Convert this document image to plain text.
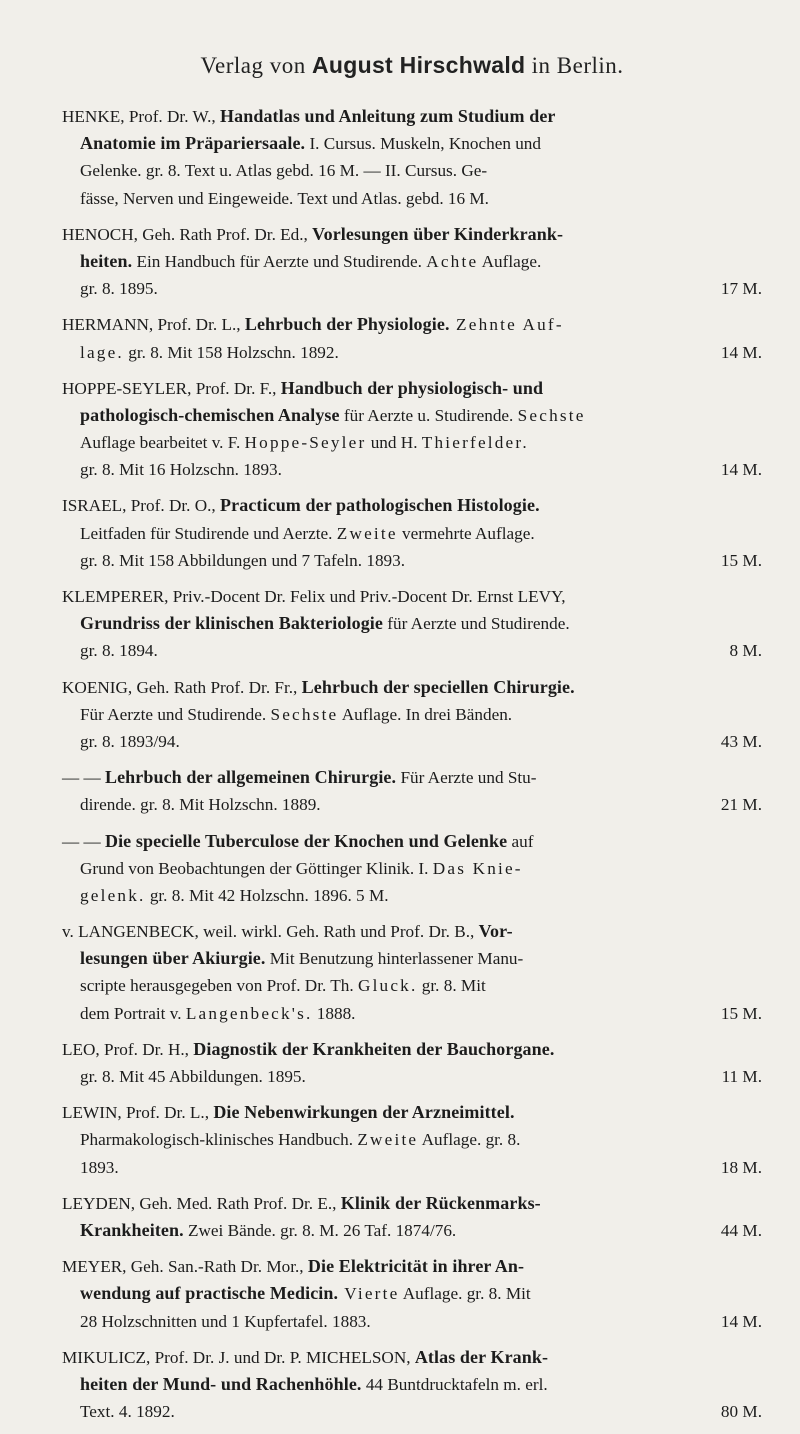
Verlag von August Hirschwald in Berlin.
HENKE, Prof. Dr. W., Handatlas und Anleitung zum Studium der
Anatomie im Präpariersaale. I. Cursus. Muskeln, Knochen und
Gelenke. gr. 8. Text u. Atlas gebd. 16 M. — II. Cursus. Ge-
fässe, Nerven und Eingeweide. Text und Atlas. gebd. 16 M.
HENOCH, Geh. Rath Prof. Dr. Ed., Vorlesungen über Kinderkrank-
heiten. Ein Handbuch für Aerzte und Studirende. Achte Auflage.
gr. 8. 1895.	17 M.
HERMANN, Prof. Dr. L., Lehrbuch der Physiologie. Zehnte Auf-
lage. gr. 8. Mit 158 Holzschn. 1892.	14 M.
HOPPE-SEYLER, Prof. Dr. F., Handbuch der physiologisch- und
pathologisch-chemischen Analyse für Aerzte u. Studirende. Sechste
Auflage bearbeitet v. F. Hoppe-Seyler und H. Thierfelder.
gr. 8. Mit 16 Holzschn. 1893.	14 M.
ISRAEL, Prof. Dr. O., Practicum der pathologischen Histologie.
Leitfaden für Studirende und Aerzte. Zweite vermehrte Auflage.
gr. 8. Mit 158 Abbildungen und 7 Tafeln. 1893.	15 M.
KLEMPERER, Priv.-Docent Dr. Felix und Priv.-Docent Dr. Ernst LEVY,
Grundriss der klinischen Bakteriologie für Aerzte und Studirende.
gr. 8. 1894.	8 M.
KOENIG, Geh. Rath Prof. Dr. Fr., Lehrbuch der speciellen Chirurgie.
Für Aerzte und Studirende. Sechste Auflage. In drei Bänden.
gr. 8. 1893/94.	43 M.
— — Lehrbuch der allgemeinen Chirurgie. Für Aerzte und Stu-
dirende. gr. 8. Mit Holzschn. 1889.	21 M.
— — Die specielle Tuberculose der Knochen und Gelenke auf
Grund von Beobachtungen der Göttinger Klinik. I. Das Knie-
gelenk. gr. 8. Mit 42 Holzschn. 1896. 5 M.
v. LANGENBECK, weil. wirkl. Geh. Rath und Prof. Dr. B., Vor-
lesungen über Akiurgie. Mit Benutzung hinterlassener Manu-
scripte herausgegeben von Prof. Dr. Th. Gluck. gr. 8. Mit
dem Portrait v. Langenbeck's. 1888.	15 M.
LEO, Prof. Dr. H., Diagnostik der Krankheiten der Bauchorgane.
gr. 8. Mit 45 Abbildungen. 1895.	11 M.
LEWIN, Prof. Dr. L., Die Nebenwirkungen der Arzneimittel.
Pharmakologisch-klinisches Handbuch. Zweite Auflage. gr. 8.
1893.	18 M.
LEYDEN, Geh. Med. Rath Prof. Dr. E., Klinik der Rückenmarks-
Krankheiten. Zwei Bände. gr. 8. M. 26 Taf. 1874/76.	44 M.
MEYER, Geh. San.-Rath Dr. Mor., Die Elektricität in ihrer An-
wendung auf practische Medicin. Vierte Auflage. gr. 8. Mit
28 Holzschnitten und 1 Kupfertafel. 1883.	14 M.
MIKULICZ, Prof. Dr. J. und Dr. P. MICHELSON, Atlas der Krank-
heiten der Mund- und Rachenhöhle. 44 Buntdrucktafeln m. erl.
Text. 4. 1892.	80 M.
